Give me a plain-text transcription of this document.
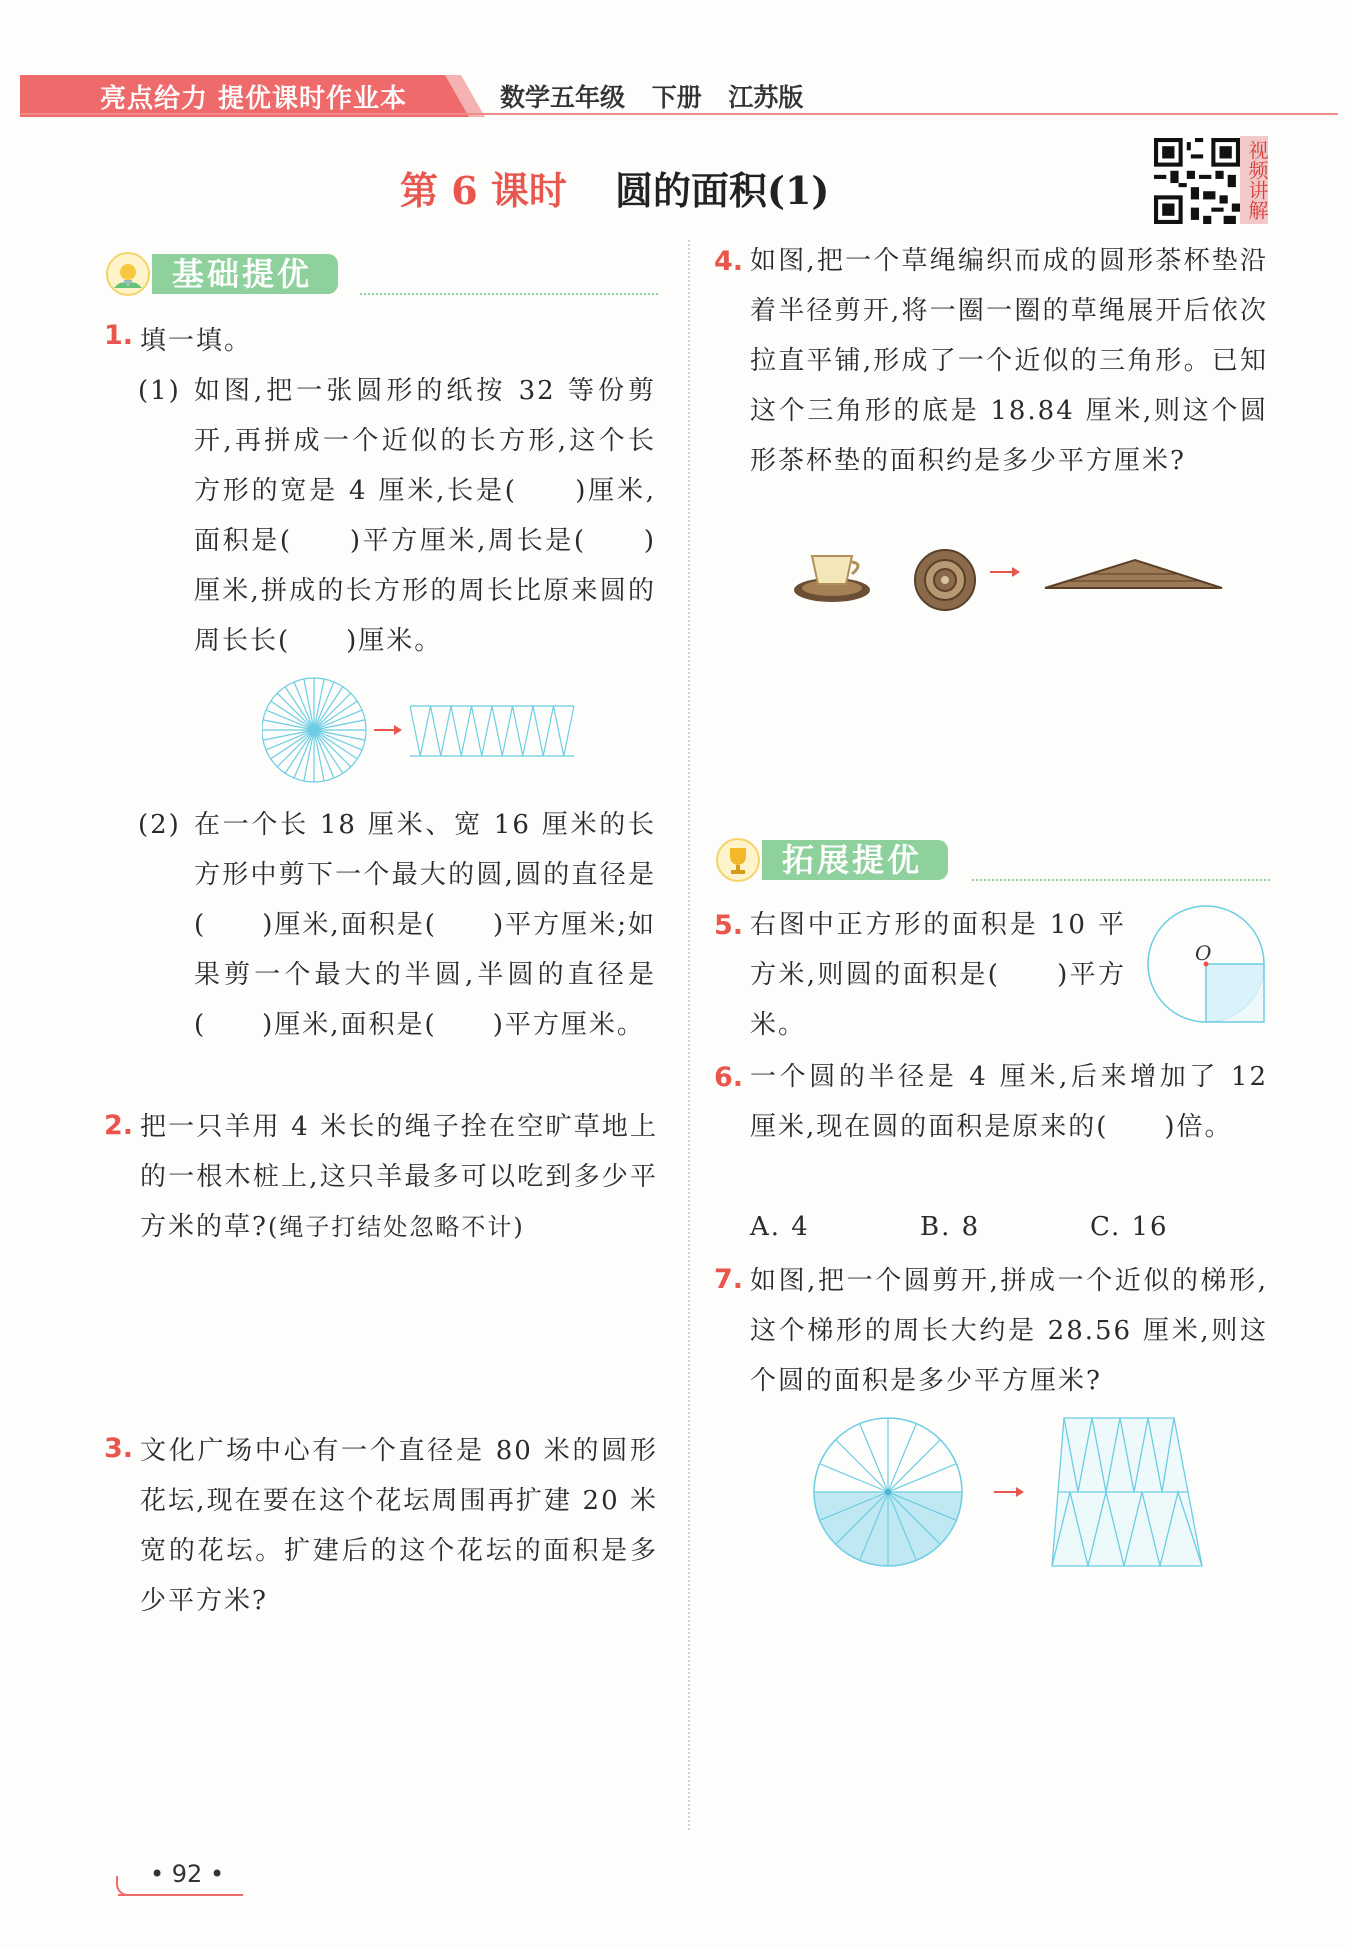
亮点给力 提优课时作业本	数学五年级 下册 江苏版
第 6 课时 圆的面积(1)	视频讲解
基础提优
1. 填一填。
(1) 如图,把一张圆形的纸按 32 等份剪开,再拼成一个近似的长方形,这个长方形的宽是 4 厘米,长是(　　)厘米,面积是(　　)平方厘米,周长是(　　)厘米,拼成的长方形的周长比原来圆的周长长(　　)厘米。
(2) 在一个长 18 厘米、宽 16 厘米的长方形中剪下一个最大的圆,圆的直径是(　　)厘米,面积是(　　)平方厘米;如果剪一个最大的半圆,半圆的直径是(　　)厘米,面积是(　　)平方厘米。
2. 把一只羊用 4 米长的绳子拴在空旷草地上的一根木桩上,这只羊最多可以吃到多少平方米的草?(绳子打结处忽略不计)
3. 文化广场中心有一个直径是 80 米的圆形花坛,现在要在这个花坛周围再扩建 20 米宽的花坛。扩建后的这个花坛的面积是多少平方米?
4. 如图,把一个草绳编织而成的圆形茶杯垫沿着半径剪开,将一圈一圈的草绳展开后依次拉直平铺,形成了一个近似的三角形。已知这个三角形的底是 18.84 厘米,则这个圆形茶杯垫的面积约是多少平方厘米?
拓展提优
5. 右图中正方形的面积是 10 平方米,则圆的面积是(　　)平方米。
O
6. 一个圆的半径是 4 厘米,后来增加了 12 厘米,现在圆的面积是原来的(　　)倍。
A. 4	B. 8	C. 16
7. 如图,把一个圆剪开,拼成一个近似的梯形,这个梯形的周长大约是 28.56 厘米,则这个圆的面积是多少平方厘米?
• 92 •
